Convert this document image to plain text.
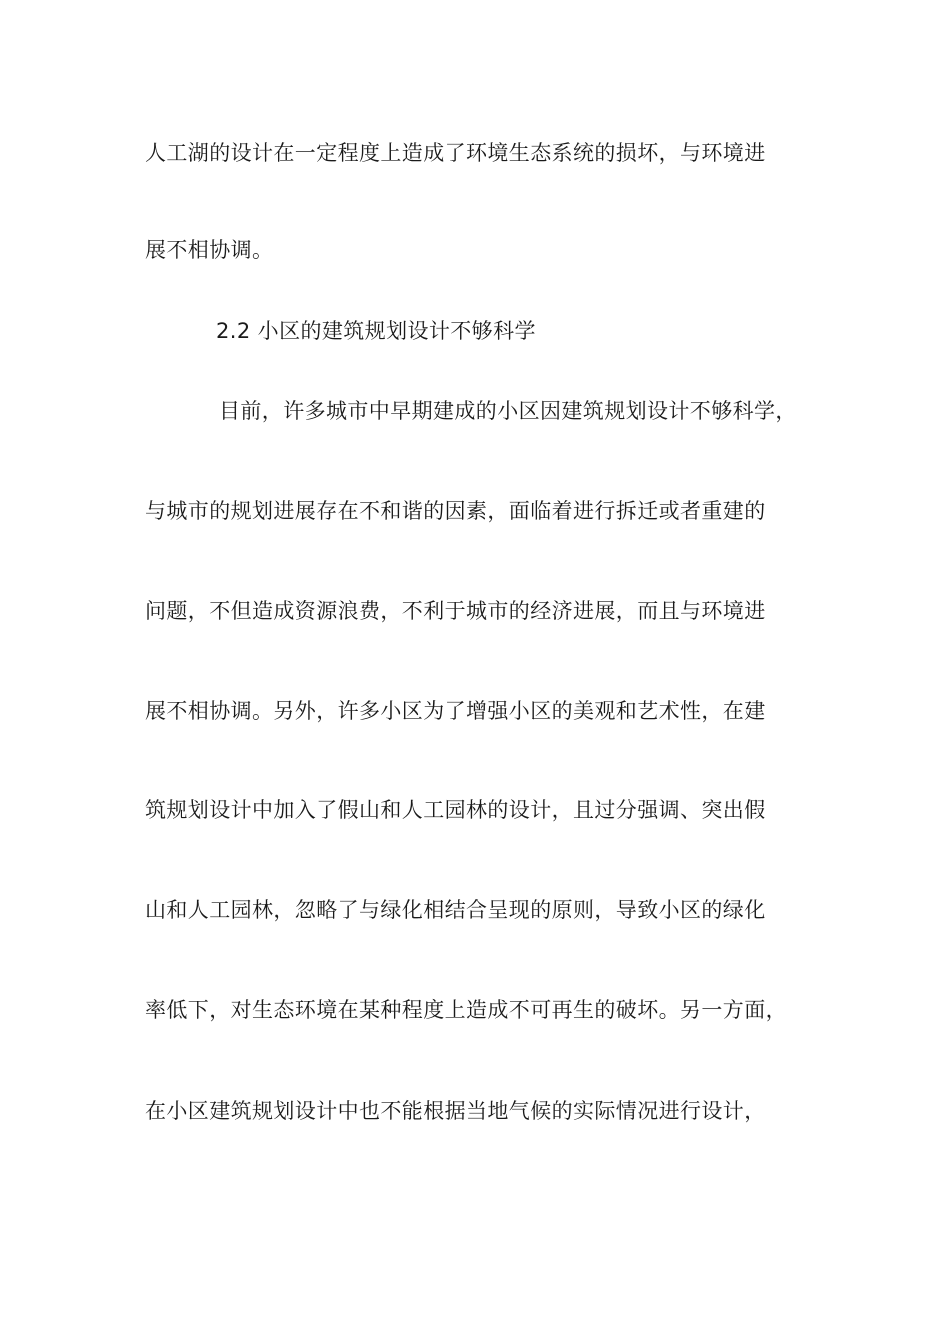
人工湖的设计在一定程度上造成了环境生态系统的损坏，与环境进
展不相协调。
2.2 小区的建筑规划设计不够科学
目前，许多城市中早期建成的小区因建筑规划设计不够科学，
与城市的规划进展存在不和谐的因素，面临着进行拆迁或者重建的
问题，不但造成资源浪费，不利于城市的经济进展，而且与环境进
展不相协调。另外，许多小区为了增强小区的美观和艺术性，在建
筑规划设计中加入了假山和人工园林的设计，且过分强调、突出假
山和人工园林，忽略了与绿化相结合呈现的原则，导致小区的绿化
率低下，对生态环境在某种程度上造成不可再生的破坏。另一方面，
在小区建筑规划设计中也不能根据当地气候的实际情况进行设计，
